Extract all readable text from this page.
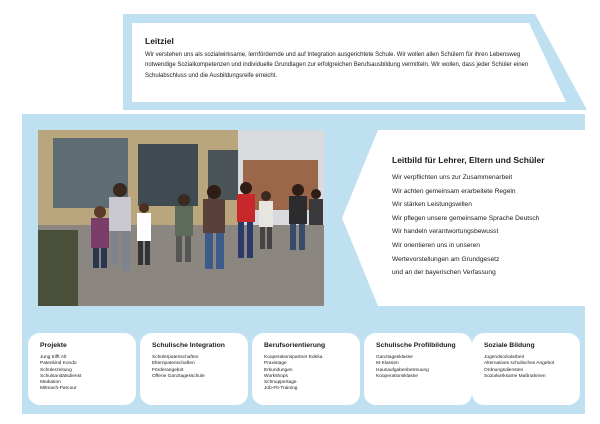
Leitziel
Wir verstehen uns als sozialwirksame, lernfördernde und auf Integration ausgerichtete Schule. Wir wollen allen Schülern für ihren Lebensweg notwendige Sozialkompetenzen und individuelle Grundlagen zur erfolgreichen Berufsausbildung vermitteln. Wir wollen, dass jeder Schüler einen Schulabschluss und die Ausbildungsreife erreicht.
Leitbild für Lehrer, Eltern und Schüler
Wir verpflichten uns zur Zusammenarbeit
Wir achten gemeinsam erarbeitete Regeln
Wir stärken Leistungswillen
Wir pflegen unsere gemeinsame Sprache Deutsch
Wir handeln verantwortungsbewusst
Wir orientieren uns in unseren
Wertevorstellungen am Grundgesetz
und an der bayerischen Verfassung
Projekte
Jung trifft Alt
Patenkind Kondo
Schülerzeitung
Schulsanitätsdienst
Mediation
Mitmach-Parcour
Schulische Integration
Schülerpatenschaften
Elternpatenschaften
Förderangebot
Offene Ganztagesschule
Berufsorientierung
Kooperationspartner Edeka
Praxistage
Erkundungen
Workshops
Schnuppertage
Job-Fit-Training
Schulische Profilbildung
Ganztagesklasse
M-Klassen
Hausaufgabenbetreuung
Kooperationsklasse
Soziale Bildung
Jugendsozialarbeit
Alternatives schulisches Angebot
Ordnungsdiensten
Sozialwirksame Maßnahmen
